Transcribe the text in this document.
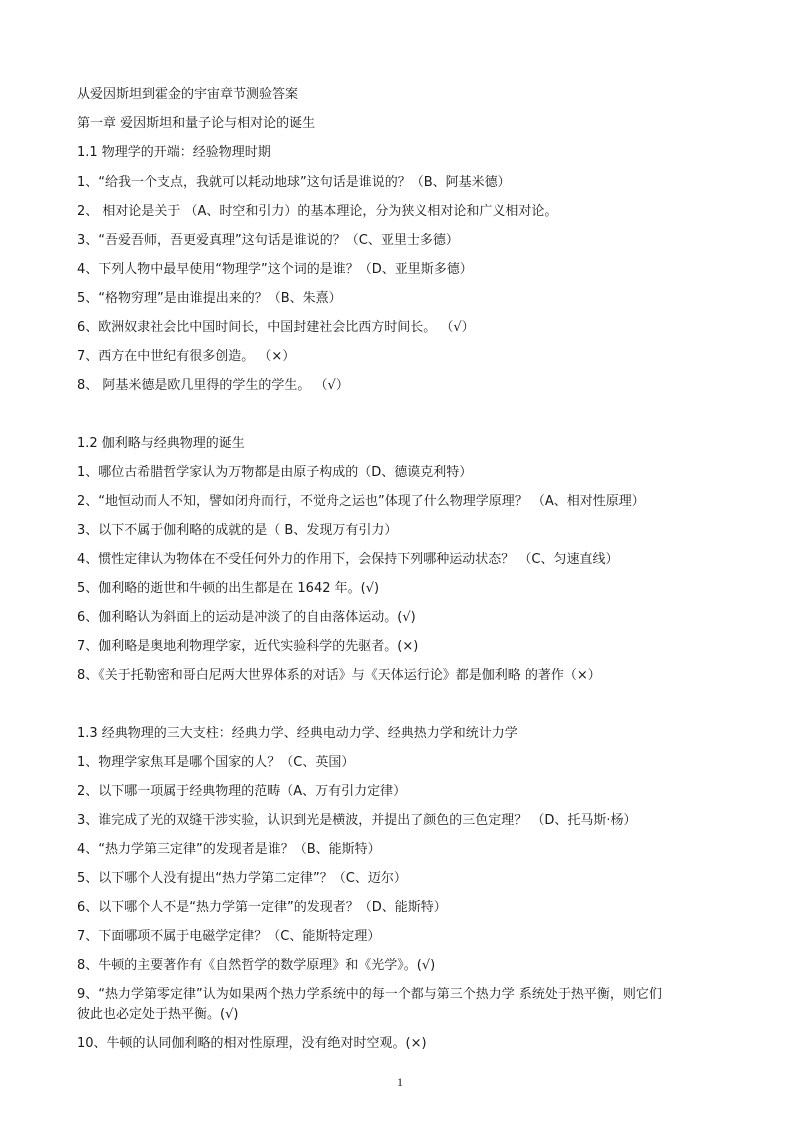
从爱因斯坦到霍金的宇宙章节测验答案
第一章 爱因斯坦和量子论与相对论的诞生
1.1 物理学的开端：经验物理时期
1、“给我一个支点，我就可以耗动地球”这句话是谁说的？（B、阿基米德）
2、 相对论是关于 （A、时空和引力）的基本理论，分为狭义相对论和广义相对论。
3、“吾爱吾师，吾更爱真理”这句话是谁说的？（C、亚里士多德）
4、下列人物中最早使用“物理学”这个词的是谁？（D、亚里斯多德）
5、“格物穷理”是由谁提出来的？（B、朱熹）
6、欧洲奴隶社会比中国时间长，中国封建社会比西方时间长。 （√）
7、西方在中世纪有很多创造。 （×）
8、 阿基米德是欧几里得的学生的学生。 （√）
1.2 伽利略与经典物理的诞生
1、哪位古希腊哲学家认为万物都是由原子构成的（D、德谟克利特）
2、“地恒动而人不知，譬如闭舟而行，不觉舟之运也”体现了什么物理学原理？ （A、相对性原理）
3、以下不属于伽利略的成就的是（ B、发现万有引力）
4、惯性定律认为物体在不受任何外力的作用下，会保持下列哪种运动状态？ （C、匀速直线）
5、伽利略的逝世和牛顿的出生都是在 1642 年。(√)
6、伽利略认为斜面上的运动是冲淡了的自由落体运动。(√)
7、伽利略是奥地利物理学家，近代实验科学的先驱者。(×)
8、《关于托勒密和哥白尼两大世界体系的对话》与《天体运行论》都是伽利略 的著作（×）
1.3 经典物理的三大支柱：经典力学、经典电动力学、经典热力学和统计力学
1、物理学家焦耳是哪个国家的人？（C、英国）
2、以下哪一项属于经典物理的范畴（A、万有引力定律）
3、谁完成了光的双缝干涉实验，认识到光是横波，并提出了颜色的三色定理？ （D、托马斯·杨）
4、“热力学第三定律”的发现者是谁？（B、能斯特）
5、以下哪个人没有提出“热力学第二定律”？（C、迈尔）
6、以下哪个人不是“热力学第一定律”的发现者？（D、能斯特）
7、下面哪项不属于电磁学定律？（C、能斯特定理）
8、牛顿的主要著作有《自然哲学的数学原理》和《光学》。(√)
9、“热力学第零定律”认为如果两个热力学系统中的每一个都与第三个热力学 系统处于热平衡，则它们
彼此也必定处于热平衡。(√)
10、牛顿的认同伽利略的相对性原理，没有绝对时空观。(×)
1
